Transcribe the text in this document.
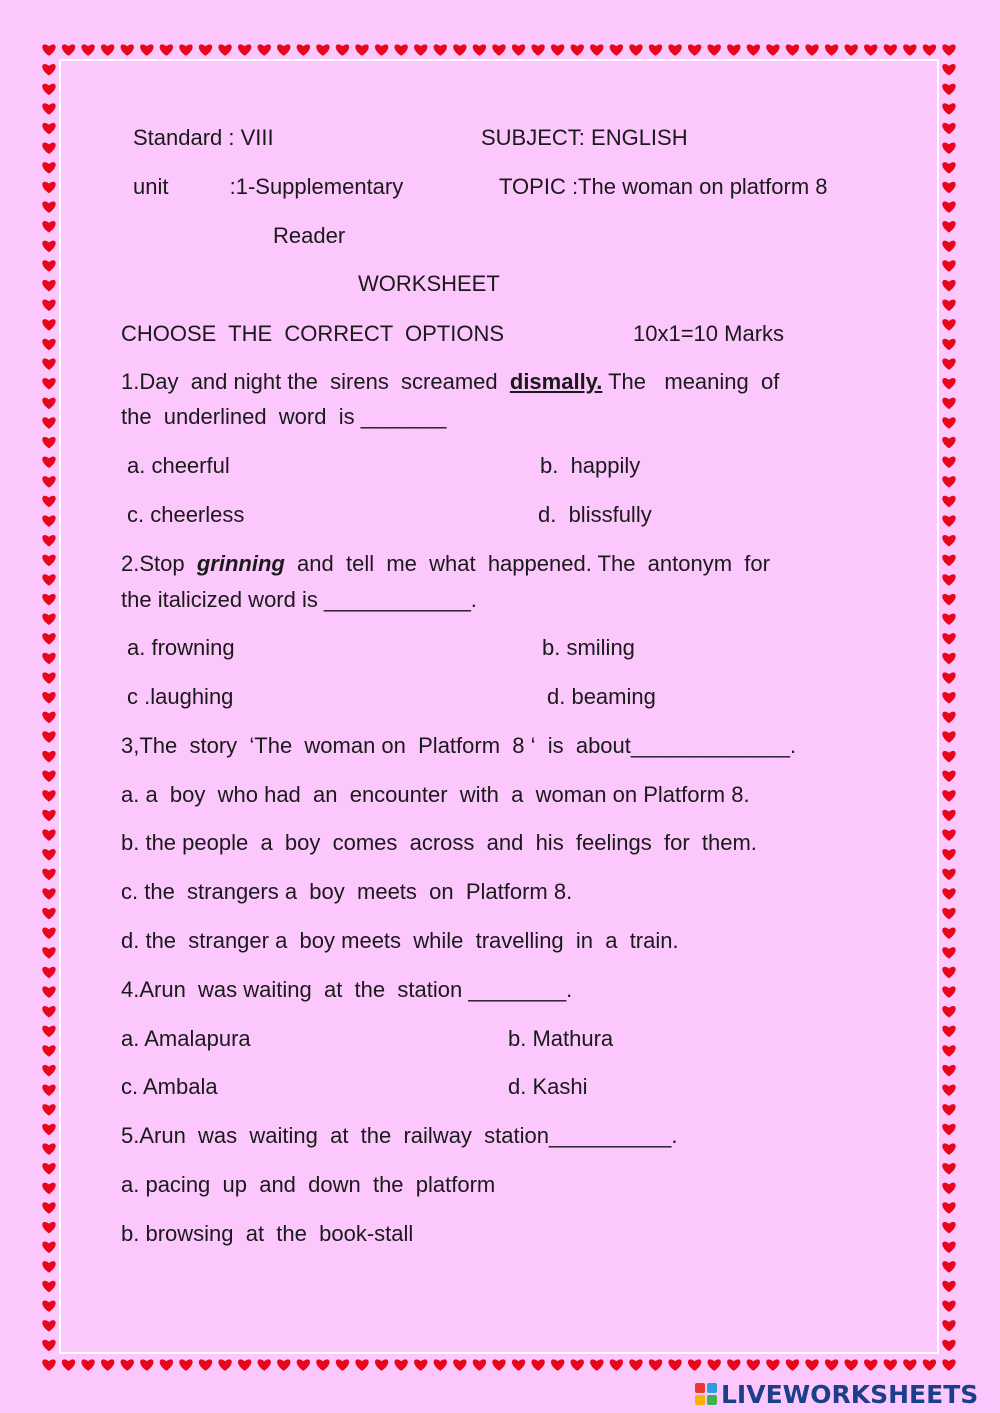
Standard : VIII	SUBJECT: ENGLISH

unit          :1-Supplementary	TOPIC :The woman on platform 8

Reader

WORKSHEET

CHOOSE  THE  CORRECT  OPTIONS	10x1=10 Marks

1.Day  and night the  sirens  screamed  dismally. The   meaning  of

the  underlined  word  is _______

a. cheerful	b.  happily

c. cheerless	d.  blissfully

2.Stop  grinning  and  tell  me  what  happened. The  antonym  for

the italicized word is ____________.

a. frowning	b. smiling

c .laughing	d. beaming

3,The  story  ‘The  woman on  Platform  8 ‘  is  about_____________.

a. a  boy  who had  an  encounter  with  a  woman on Platform 8.

b. the people  a  boy  comes  across  and  his  feelings  for  them.

c. the  strangers a  boy  meets  on  Platform 8.

d. the  stranger a  boy meets  while  travelling  in  a  train.

4.Arun  was waiting  at  the  station ________.

a. Amalapura	b. Mathura

c. Ambala	d. Kashi

5.Arun  was  waiting  at  the  railway  station__________.

a. pacing  up  and  down  the  platform

b. browsing  at  the  book-stall

LIVEWORKSHEETS
